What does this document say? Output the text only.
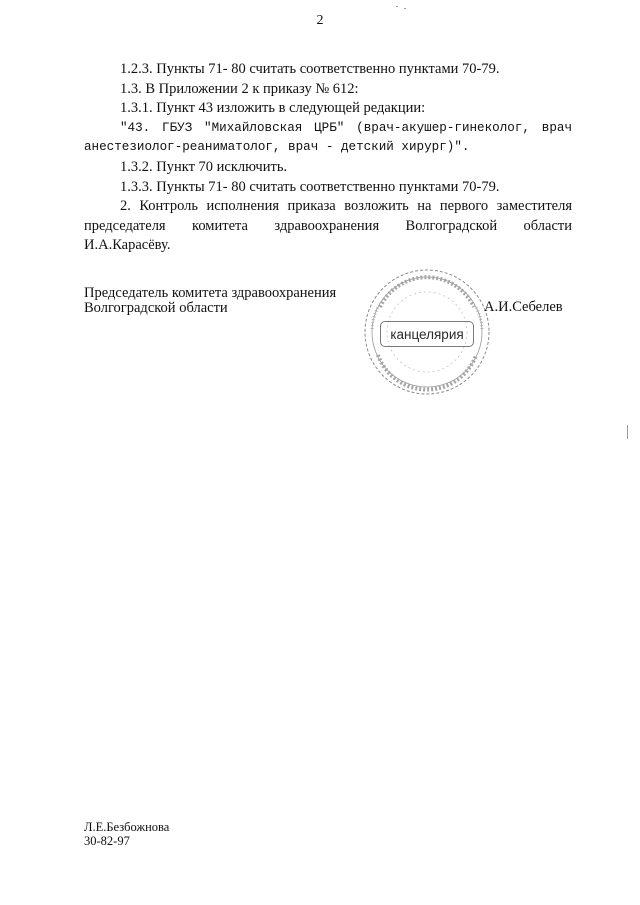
2

1.2.3. Пункты 71- 80 считать соответственно пунктами 70-79.

1.3. В Приложении 2 к приказу № 612:

1.3.1. Пункт 43 изложить в следующей редакции:

"43. ГБУЗ "Михайловская ЦРБ" (врач-акушер-гинеколог, врач

анестезиолог-реаниматолог, врач - детский хирург)".

1.3.2. Пункт 70 исключить.

1.3.3. Пункты 71- 80 считать соответственно пунктами 70-79.

2. Контроль исполнения приказа возложить на первого заместителя

председателя комитета здравоохранения Волгоградской области

И.А.Карасёву.

Председатель комитета здравоохранения
Волгоградской области
канцелярия
А.И.Себелев
Л.Е.Безбожнова
30-82-97
